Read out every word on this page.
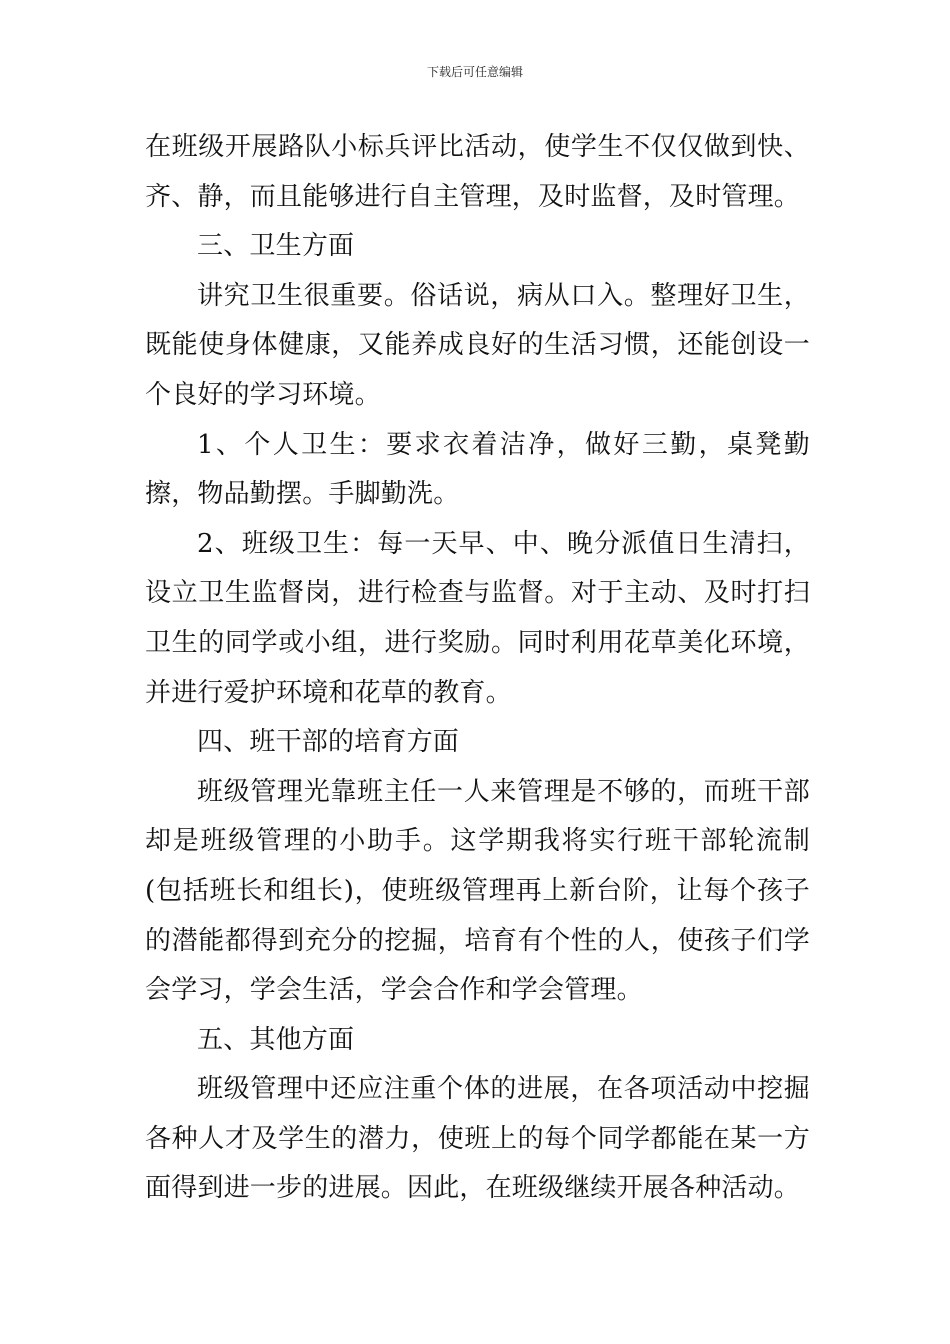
下载后可任意编辑

在班级开展路队小标兵评比活动，使学生不仅仅做到快、齐、静，而且能够进行自主管理，及时监督，及时管理。

三、卫生方面

讲究卫生很重要。俗话说，病从口入。整理好卫生，既能使身体健康，又能养成良好的生活习惯，还能创设一个良好的学习环境。

1、个人卫生：要求衣着洁净，做好三勤，桌凳勤擦，物品勤摆。手脚勤洗。

2、班级卫生：每一天早、中、晚分派值日生清扫，设立卫生监督岗，进行检查与监督。对于主动、及时打扫卫生的同学或小组，进行奖励。同时利用花草美化环境，并进行爱护环境和花草的教育。

四、班干部的培育方面

班级管理光靠班主任一人来管理是不够的，而班干部却是班级管理的小助手。这学期我将实行班干部轮流制(包括班长和组长)，使班级管理再上新台阶，让每个孩子的潜能都得到充分的挖掘，培育有个性的人，使孩子们学会学习，学会生活，学会合作和学会管理。

五、其他方面

班级管理中还应注重个体的进展，在各项活动中挖掘各种人才及学生的潜力，使班上的每个同学都能在某一方面得到进一步的进展。因此，在班级继续开展各种活动。
